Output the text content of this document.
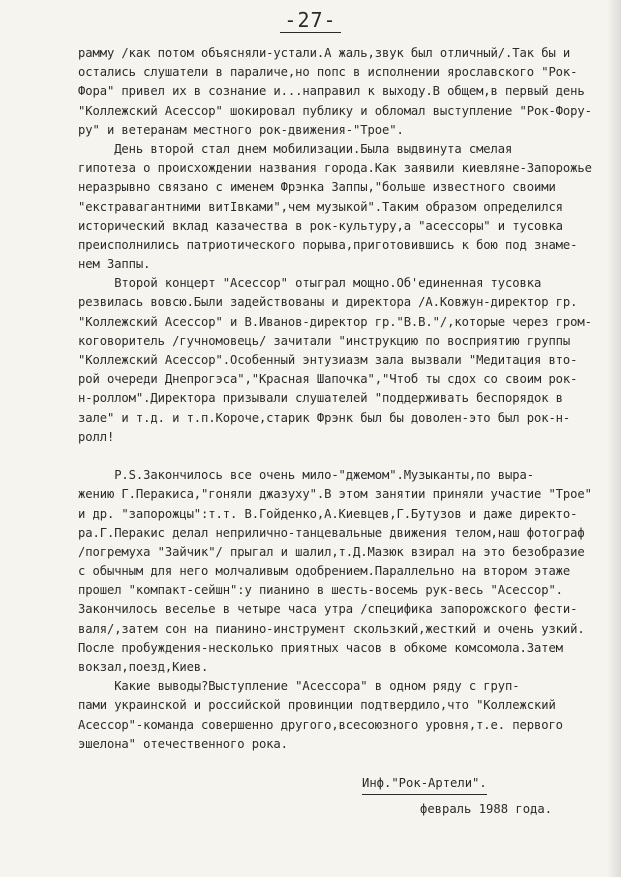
-27-
рамму /как потом объясняли-устали.А жаль,звук был отличный/.Так бы и
остались слушатели в параличе,но попс в исполнении ярославского "Рок-
Фора" привел их в сознание и...направил к выходу.В общем,в первый день
"Коллежский Асессор" шокировал публику и обломал выступление "Рок-Фору-
ру" и ветеранам местного рок-движения-"Трое".
День второй стал днем мобилизации.Была выдвинута смелая
гипотеза о происхождении названия города.Как заявили киевляне-Запорожье
неразрывно связано с именем Фрэнка Заппы,"больше известного своими
"екстравагантними витIвками",чем музыкой".Таким образом определился
исторический вклад казачества в рок-культуру,а "асессоры" и тусовка
преисполнились патриотического порыва,приготовившись к бою под знаме-
нем Заппы.
Второй концерт "Асессор" отыграл мощно.Об'единенная тусовка
резвилась вовсю.Были задействованы и директора /А.Ковжун-директор гр.
"Коллежский Асессор" и В.Иванов-директор гр."В.В."/,которые через гром-
коговоритель /гучномовець/ зачитали "инструкцию по восприятию группы
"Коллежский Асессор".Особенный энтузиазм зала вызвали "Медитация вто-
рой очереди Днепрогэса","Красная Шапочка","Чтоб ты сдох со своим рок-
н-роллом".Директора призывали слушателей "поддерживать беспорядок в
зале" и т.д. и т.п.Короче,старик Фрэнк был бы доволен-это был рок-н-
ролл!
Р.S.Закончилось все очень мило-"джемом".Музыканты,по выра-
жению Г.Перакиса,"гоняли джазуху".В этом занятии приняли участие "Трое"
и др. "запорожцы":т.т. В.Гойденко,А.Киевцев,Г.Бутузов и даже директо-
ра.Г.Перакис делал неприлично-танцевальные движения телом,наш фотограф
/погремуха "Зайчик"/ прыгал и шалил,т.Д.Мазюк взирал на это безобразие
с обычным для него молчаливым одобрением.Параллельно на втором этаже
прошел "компакт-сейшн":у пианино в шесть-восемь рук-весь "Асессор".
Закончилось веселье в четыре часа утра /специфика запорожского фести-
валя/,затем сон на пианино-инструмент скользкий,жесткий и очень узкий.
После пробуждения-несколько приятных часов в обкоме комсомола.Затем
вокзал,поезд,Киев.
Какие выводы?Выступление "Асессора" в одном ряду с груп-
пами украинской и российской провинции подтвердило,что "Коллежский
Асессор"-команда совершенно другого,всесоюзного уровня,т.е. первого
эшелона" отечественного рока.
Инф."Рок-Артели".
февраль 1988 года.
